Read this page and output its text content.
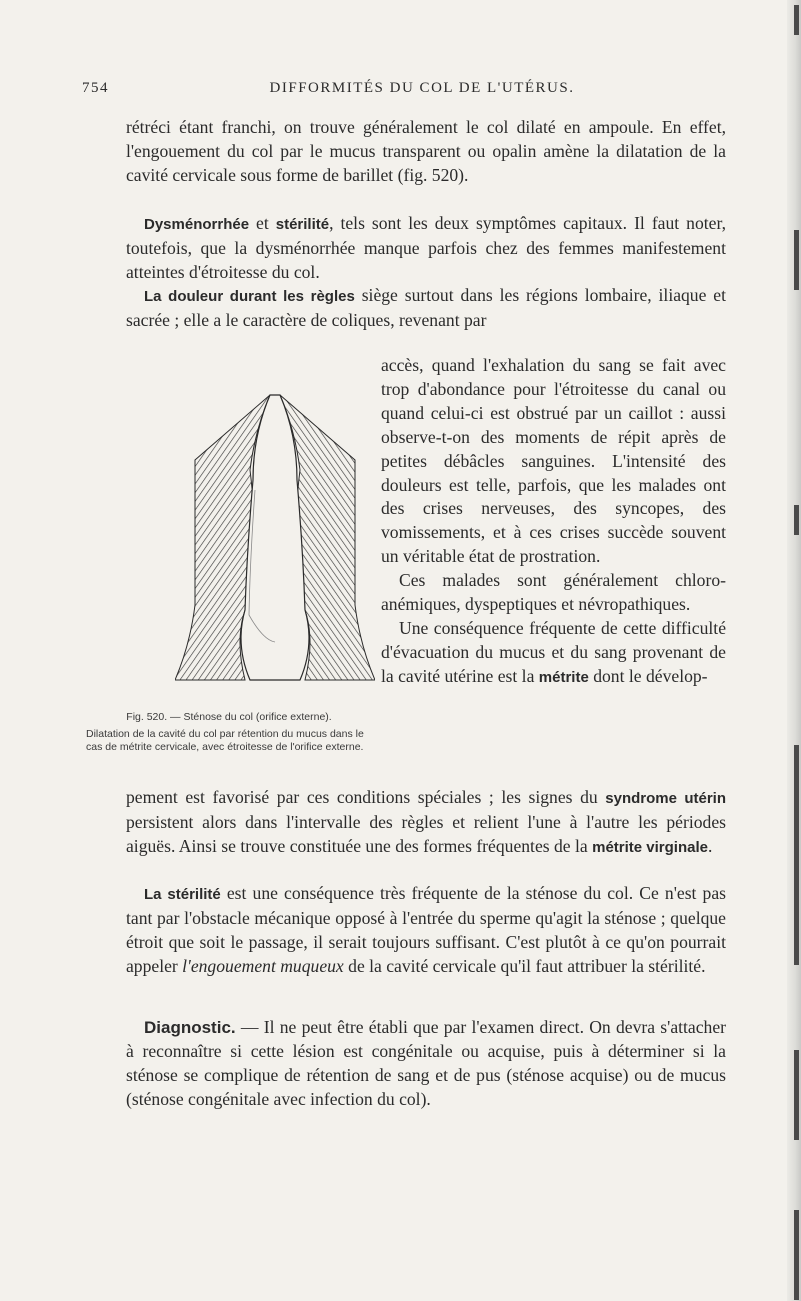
754	DIFFORMITÉS DU COL DE L'UTÉRUS.

rétréci étant franchi, on trouve généralement le col dilaté en ampoule. En effet, l'engouement du col par le mucus transparent ou opalin amène la dilatation de la cavité cervicale sous forme de barillet (fig. 520).

Dysménorrhée et stérilité, tels sont les deux symptômes capitaux. Il faut noter, toutefois, que la dysménorrhée manque parfois chez des femmes manifestement atteintes d'étroitesse du col.

La douleur durant les règles siège surtout dans les régions lombaire, iliaque et sacrée ; elle a le caractère de coliques, revenant par

accès, quand l'exhalation du sang se fait avec trop d'abondance pour l'étroitesse du canal ou quand celui-ci est obstrué par un caillot : aussi observe-t-on des moments de répit après de petites débâcles sanguines. L'intensité des douleurs est telle, parfois, que les malades ont des crises nerveuses, des syncopes, des vomissements, et à ces crises succède souvent un véritable état de prostration.

Ces malades sont généralement chloro-anémiques, dyspeptiques et névropathiques.

Une conséquence fréquente de cette difficulté d'évacuation du mucus et du sang provenant de la cavité utérine est la métrite dont le dévelop-

Fig. 520. — Sténose du col (orifice externe).

Dilatation de la cavité du col par rétention du mucus dans le cas de métrite cervicale, avec étroitesse de l'orifice externe.

pement est favorisé par ces conditions spéciales ; les signes du syndrome utérin persistent alors dans l'intervalle des règles et relient l'une à l'autre les périodes aiguës. Ainsi se trouve constituée une des formes fréquentes de la métrite virginale.

La stérilité est une conséquence très fréquente de la sténose du col. Ce n'est pas tant par l'obstacle mécanique opposé à l'entrée du sperme qu'agit la sténose ; quelque étroit que soit le passage, il serait toujours suffisant. C'est plutôt à ce qu'on pourrait appeler l'engouement muqueux de la cavité cervicale qu'il faut attribuer la stérilité.

Diagnostic. — Il ne peut être établi que par l'examen direct. On devra s'attacher à reconnaître si cette lésion est congénitale ou acquise, puis à déterminer si la sténose se complique de rétention de sang et de pus (sténose acquise) ou de mucus (sténose congénitale avec infection du col).
